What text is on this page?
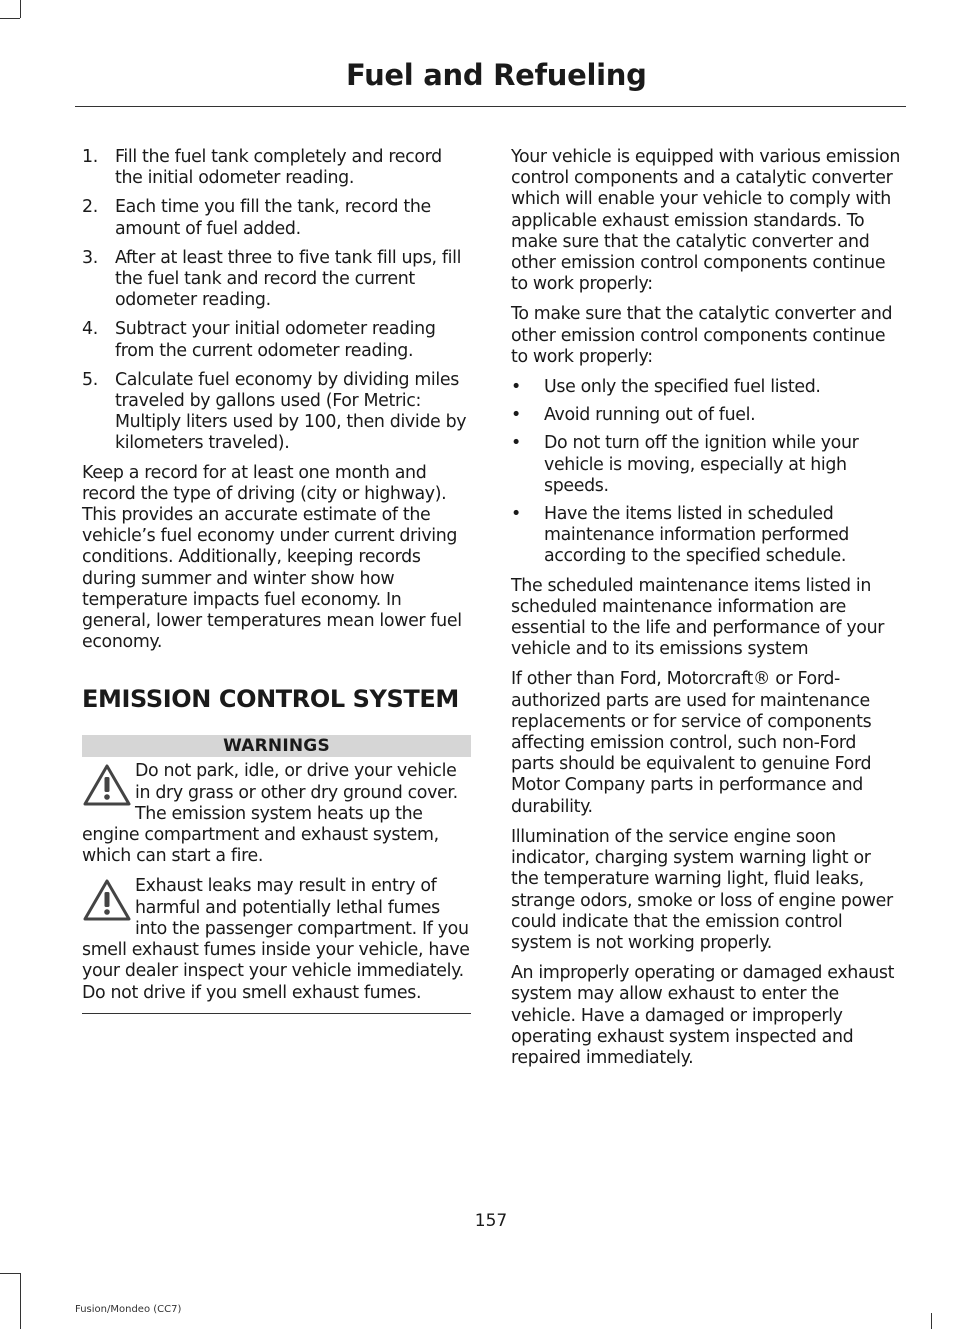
Fuel and Refueling
1. Fill the fuel tank completely and record the initial odometer reading.
2. Each time you fill the tank, record the amount of fuel added.
3. After at least three to five tank fill ups, fill the fuel tank and record the current odometer reading.
4. Subtract your initial odometer reading from the current odometer reading.
5. Calculate fuel economy by dividing miles traveled by gallons used (For Metric: Multiply liters used by 100, then divide by kilometers traveled).

Keep a record for at least one month and record the type of driving (city or highway). This provides an accurate estimate of the vehicle’s fuel economy under current driving conditions. Additionally, keeping records during summer and winter show how temperature impacts fuel economy. In general, lower temperatures mean lower fuel economy.

EMISSION CONTROL SYSTEM
WARNINGS
Do not park, idle, or drive your vehicle in dry grass or other dry ground cover. The emission system heats up the engine compartment and exhaust system, which can start a fire.
Exhaust leaks may result in entry of harmful and potentially lethal fumes into the passenger compartment. If you smell exhaust fumes inside your vehicle, have your dealer inspect your vehicle immediately. Do not drive if you smell exhaust fumes.

Your vehicle is equipped with various emission control components and a catalytic converter which will enable your vehicle to comply with applicable exhaust emission standards. To make sure that the catalytic converter and other emission control components continue to work properly:

To make sure that the catalytic converter and other emission control components continue to work properly:

• Use only the specified fuel listed.
• Avoid running out of fuel.
• Do not turn off the ignition while your vehicle is moving, especially at high speeds.
• Have the items listed in scheduled maintenance information performed according to the specified schedule.

The scheduled maintenance items listed in scheduled maintenance information are essential to the life and performance of your vehicle and to its emissions system

If other than Ford, Motorcraft® or Ford-authorized parts are used for maintenance replacements or for service of components affecting emission control, such non-Ford parts should be equivalent to genuine Ford Motor Company parts in performance and durability.

Illumination of the service engine soon indicator, charging system warning light or the temperature warning light, fluid leaks, strange odors, smoke or loss of engine power could indicate that the emission control system is not working properly.

An improperly operating or damaged exhaust system may allow exhaust to enter the vehicle. Have a damaged or improperly operating exhaust system inspected and repaired immediately.

157
Fusion/Mondeo (CC7)
